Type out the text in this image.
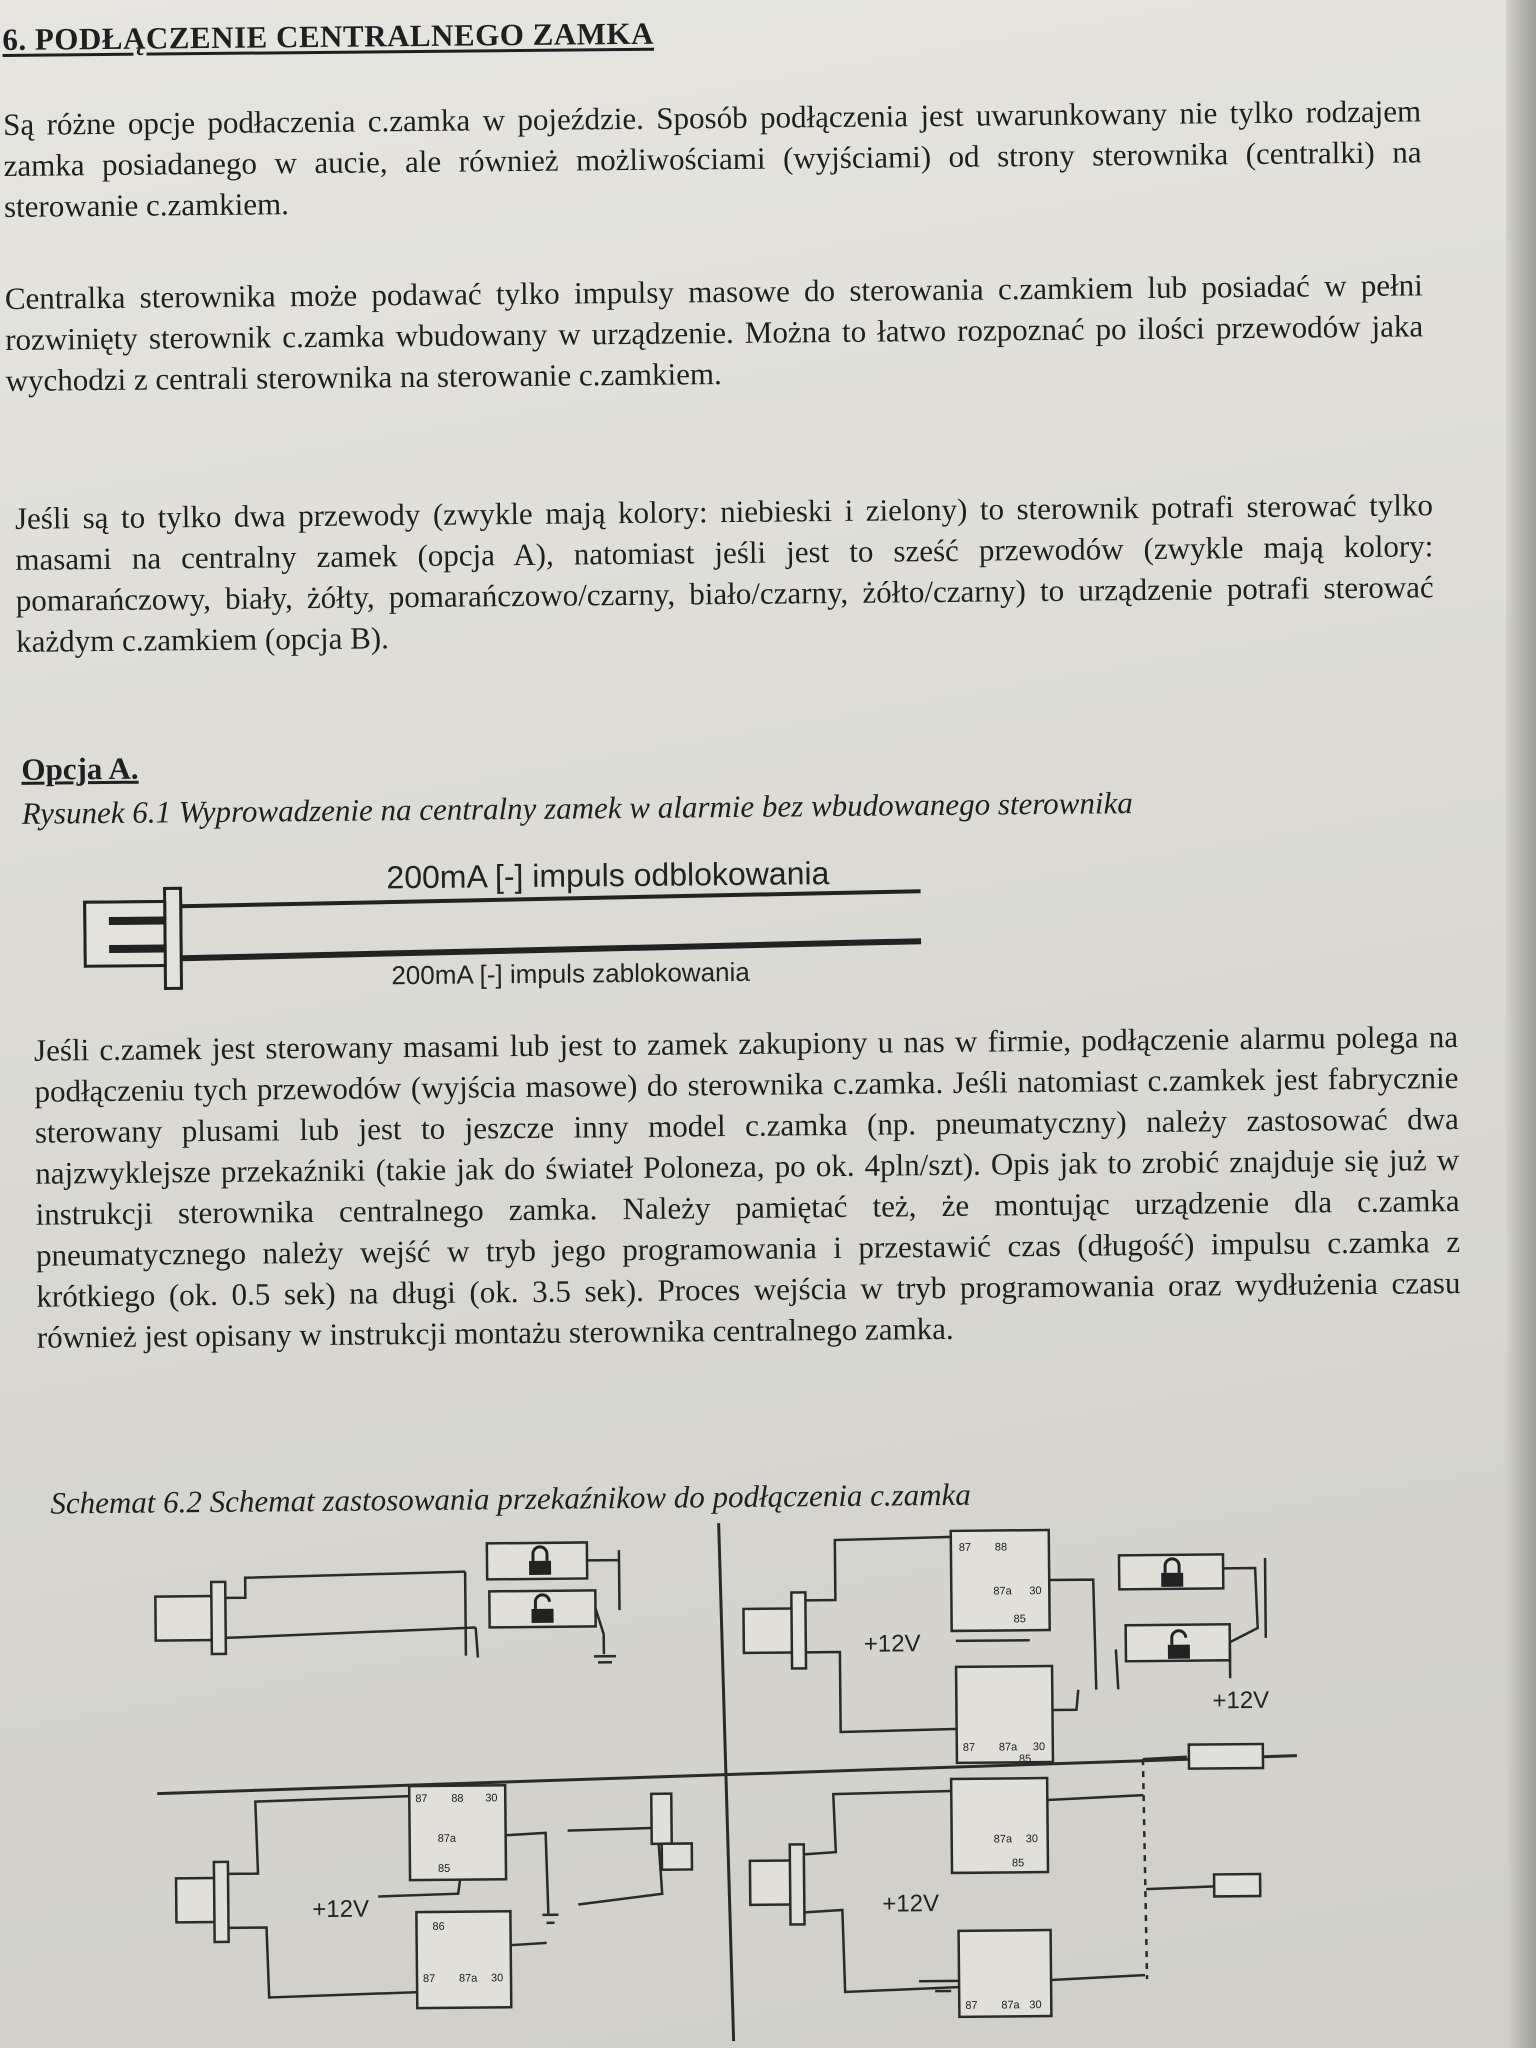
6. PODŁĄCZENIE CENTRALNEGO ZAMKA

Są różne opcje podłaczenia c.zamka w pojeździe. Sposób podłączenia jest uwarunkowany nie tylko rodzajem zamka posiadanego w aucie, ale również możliwościami (wyjściami) od strony sterownika (centralki) na sterowanie c.zamkiem.

Centralka sterownika może podawać tylko impulsy masowe do sterowania c.zamkiem lub posiadać w pełni rozwinięty sterownik c.zamka wbudowany w urządzenie. Można to łatwo rozpoznać po ilości przewodów jaka wychodzi z centrali sterownika na sterowanie c.zamkiem.

Jeśli są to tylko dwa przewody (zwykle mają kolory: niebieski i zielony) to sterownik potrafi sterować tylko masami na centralny zamek (opcja A), natomiast jeśli jest to sześć przewodów (zwykle mają kolory: pomarańczowy, biały, żółty, pomarańczowo/czarny, biało/czarny, żółto/czarny) to urządzenie potrafi sterować każdym c.zamkiem (opcja B).

Opcja A.

Rysunek 6.1 Wyprowadzenie na centralny zamek w alarmie bez wbudowanego sterownika

200mA [-] impuls odblokowania
200mA [-] impuls zablokowania

Jeśli c.zamek jest sterowany masami lub jest to zamek zakupiony u nas w firmie, podłączenie alarmu polega na podłączeniu tych przewodów (wyjścia masowe) do sterownika c.zamka. Jeśli natomiast c.zamkek jest fabrycznie sterowany plusami lub jest to jeszcze inny model c.zamka (np. pneumatyczny) należy zastosować dwa najzwyklejsze przekaźniki (takie jak do świateł Poloneza, po ok. 4pln/szt). Opis jak to zrobić znajduje się już w instrukcji sterownika centralnego zamka. Należy pamiętać też, że montując urządzenie dla c.zamka pneumatycznego należy wejść w tryb jego programowania i przestawić czas (długość) impulsu c.zamka z krótkiego (ok. 0.5 sek) na długi (ok. 3.5 sek). Proces wejścia w tryb programowania oraz wydłużenia czasu również jest opisany w instrukcji montażu sterownika centralnego zamka.

Schemat 6.2 Schemat zastosowania przekaźnikow do podłączenia c.zamka

+12V
+12V
+12V	+12V
87 88
87a 30
85
87 87a 30
85
87 88 30
87a
85
87 87a 30
86
87a 30
85
87 87a 30
